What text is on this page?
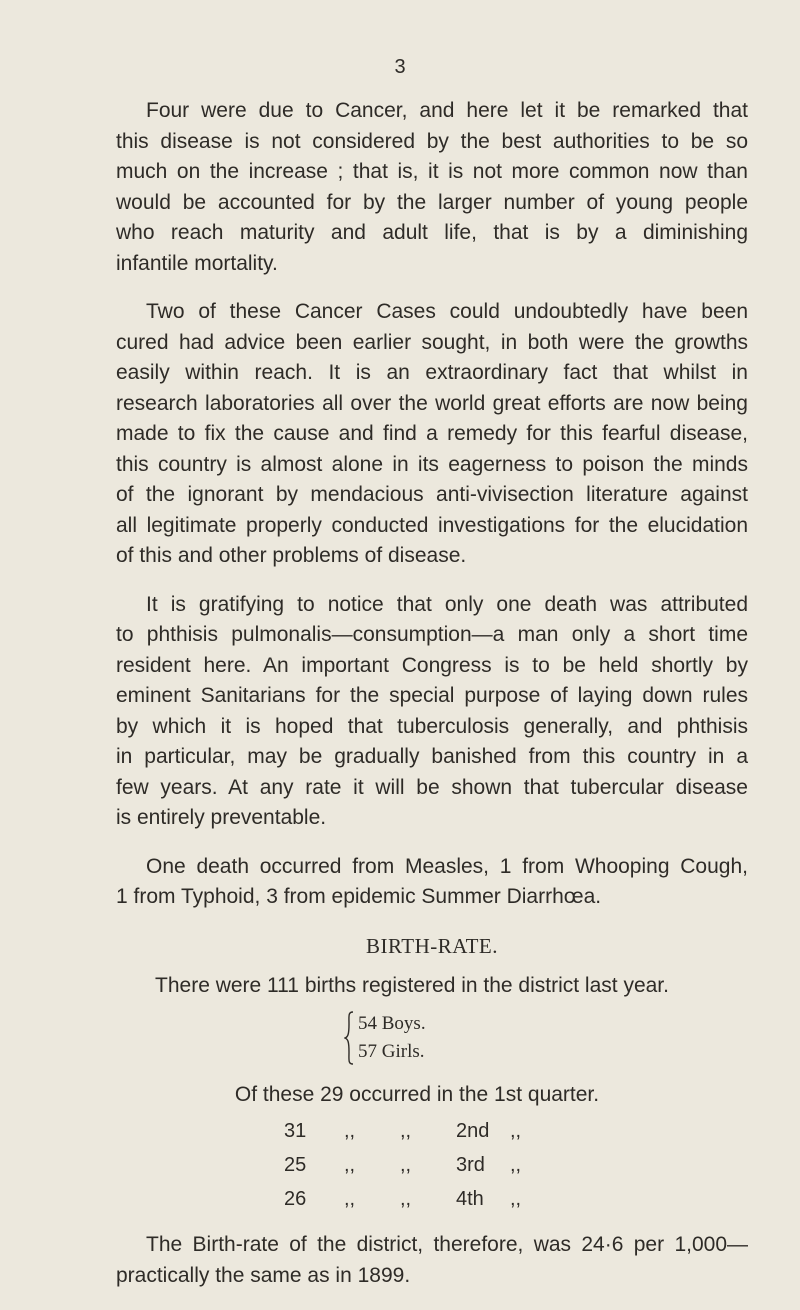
3

Four were due to Cancer, and here let it be remarked that
this disease is not considered by the best authorities to be so
much on the increase ; that is, it is not more common now than
would be accounted for by the larger number of young people
who reach maturity and adult life, that is by a diminishing
infantile mortality.

Two of these Cancer Cases could undoubtedly have been
cured had advice been earlier sought, in both were the growths
easily within reach. It is an extraordinary fact that whilst in
research laboratories all over the world great efforts are now being
made to fix the cause and find a remedy for this fearful disease,
this country is almost alone in its eagerness to poison the minds
of the ignorant by mendacious anti-vivisection literature against
all legitimate properly conducted investigations for the elucidation
of this and other problems of disease.

It is gratifying to notice that only one death was attributed
to phthisis pulmonalis—consumption—a man only a short time
resident here. An important Congress is to be held shortly by
eminent Sanitarians for the special purpose of laying down rules
by which it is hoped that tuberculosis generally, and phthisis
in particular, may be gradually banished from this country in a
few years. At any rate it will be shown that tubercular disease
is entirely preventable.

One death occurred from Measles, 1 from Whooping Cough,
1 from Typhoid, 3 from epidemic Summer Diarrhœa.

BIRTH-RATE.
There were 111 births registered in the district last year.
54 Boys.
57 Girls.
Of these 29 occurred in the 1st quarter.
31	,,	,,	2nd	,,
25	,,	,,	3rd	,,
26	,,	,,	4th	,,

The Birth-rate of the district, therefore, was 24·6 per 1,000—
practically the same as in 1899.
